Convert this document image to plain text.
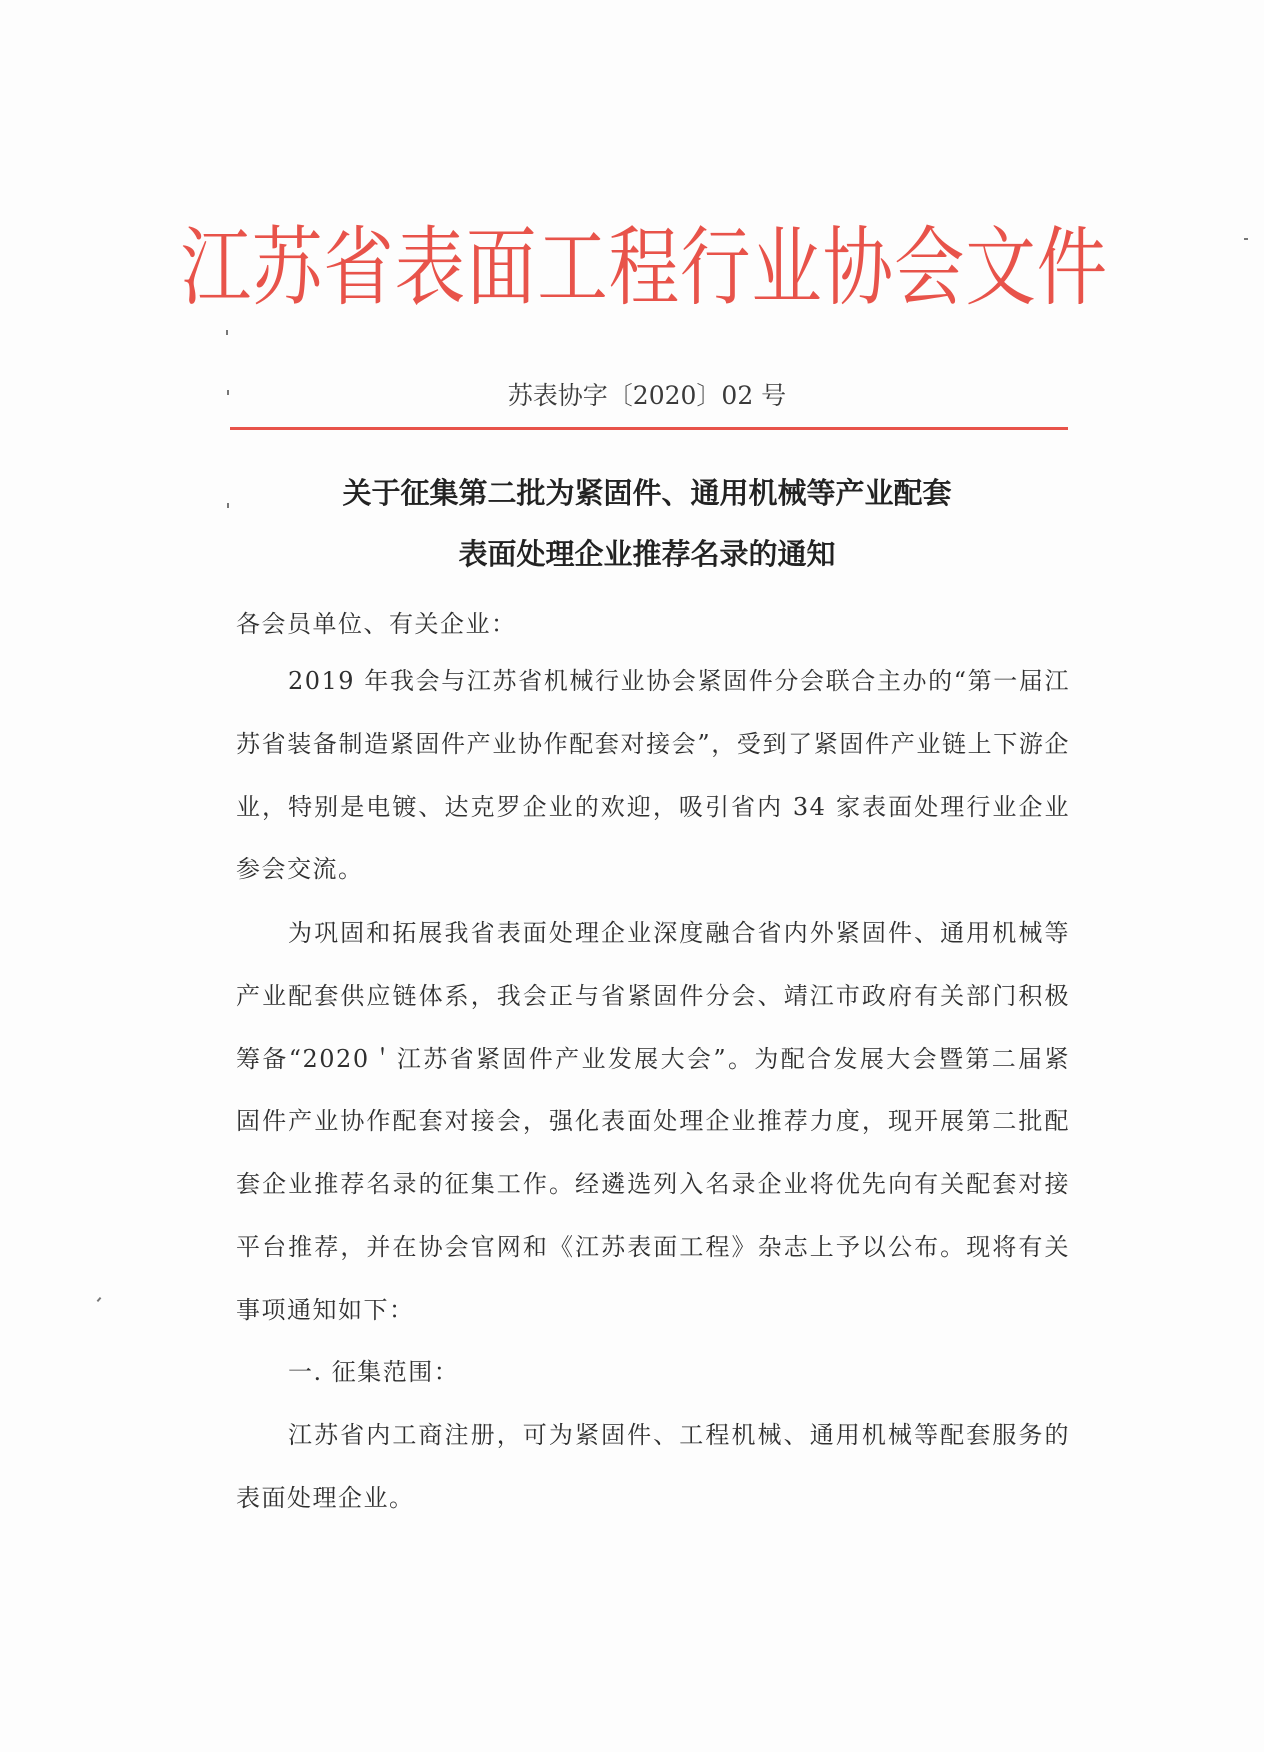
江苏省表面工程行业协会文件
苏表协字〔2020〕02 号
关于征集第二批为紧固件、通用机械等产业配套
表面处理企业推荐名录的通知
各会员单位、有关企业：
2019 年我会与江苏省机械行业协会紧固件分会联合主办的“第一届江苏省装备制造紧固件产业协作配套对接会”，受到了紧固件产业链上下游企业，特别是电镀、达克罗企业的欢迎，吸引省内 34 家表面处理行业企业参会交流。
为巩固和拓展我省表面处理企业深度融合省内外紧固件、通用机械等产业配套供应链体系，我会正与省紧固件分会、靖江市政府有关部门积极筹备“2020＇江苏省紧固件产业发展大会”。为配合发展大会暨第二届紧固件产业协作配套对接会，强化表面处理企业推荐力度，现开展第二批配套企业推荐名录的征集工作。经遴选列入名录企业将优先向有关配套对接平台推荐，并在协会官网和《江苏表面工程》杂志上予以公布。现将有关事项通知如下：
一. 征集范围：
江苏省内工商注册，可为紧固件、工程机械、通用机械等配套服务的表面处理企业。
